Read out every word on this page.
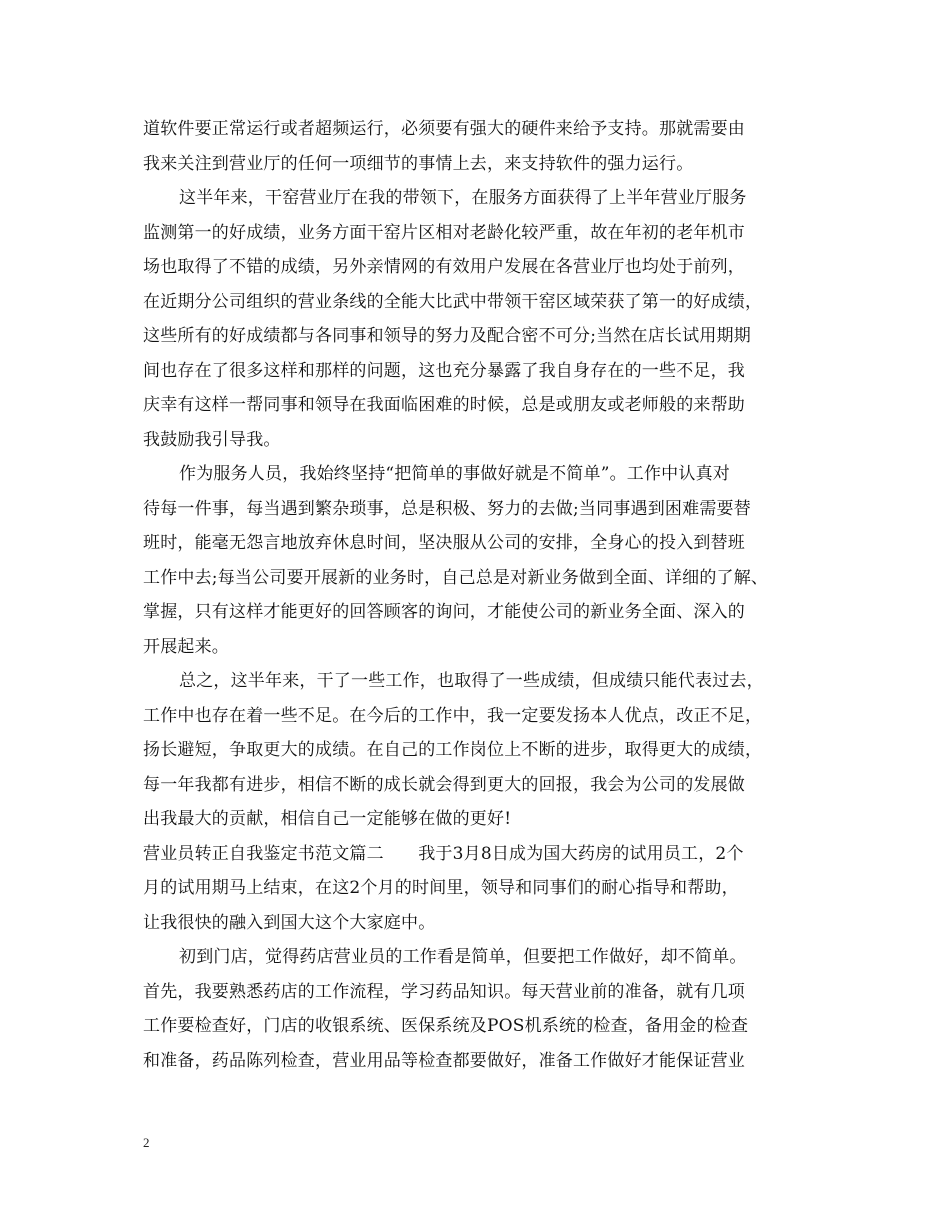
道软件要正常运行或者超频运行，必须要有强大的硬件来给予支持。那就需要由
我来关注到营业厅的任何一项细节的事情上去，来支持软件的强力运行。
这半年来，干窑营业厅在我的带领下，在服务方面获得了上半年营业厅服务
监测第一的好成绩，业务方面干窑片区相对老龄化较严重，故在年初的老年机市
场也取得了不错的成绩，另外亲情网的有效用户发展在各营业厅也均处于前列，
在近期分公司组织的营业条线的全能大比武中带领干窑区域荣获了第一的好成绩，
这些所有的好成绩都与各同事和领导的努力及配合密不可分;当然在店长试用期期
间也存在了很多这样和那样的问题，这也充分暴露了我自身存在的一些不足，我
庆幸有这样一帮同事和领导在我面临困难的时候，总是或朋友或老师般的来帮助
我鼓励我引导我。
作为服务人员，我始终坚持“把简单的事做好就是不简单”。工作中认真对
待每一件事，每当遇到繁杂琐事，总是积极、努力的去做;当同事遇到困难需要替
班时，能毫无怨言地放弃休息时间，坚决服从公司的安排，全身心的投入到替班
工作中去;每当公司要开展新的业务时，自己总是对新业务做到全面、详细的了解、
掌握，只有这样才能更好的回答顾客的询问，才能使公司的新业务全面、深入的
开展起来。
总之，这半年来，干了一些工作，也取得了一些成绩，但成绩只能代表过去，
工作中也存在着一些不足。在今后的工作中，我一定要发扬本人优点，改正不足，
扬长避短，争取更大的成绩。在自己的工作岗位上不断的进步，取得更大的成绩，
每一年我都有进步，相信不断的成长就会得到更大的回报，我会为公司的发展做
出我最大的贡献，相信自己一定能够在做的更好!
营业员转正自我鉴定书范文篇二　　我于3月8日成为国大药房的试用员工，2个
月的试用期马上结束，在这2个月的时间里，领导和同事们的耐心指导和帮助，
让我很快的融入到国大这个大家庭中。
初到门店，觉得药店营业员的工作看是简单，但要把工作做好，却不简单。
首先，我要熟悉药店的工作流程，学习药品知识。每天营业前的准备，就有几项
工作要检查好，门店的收银系统、医保系统及POS机系统的检查，备用金的检查
和准备，药品陈列检查，营业用品等检查都要做好，准备工作做好才能保证营业
2
